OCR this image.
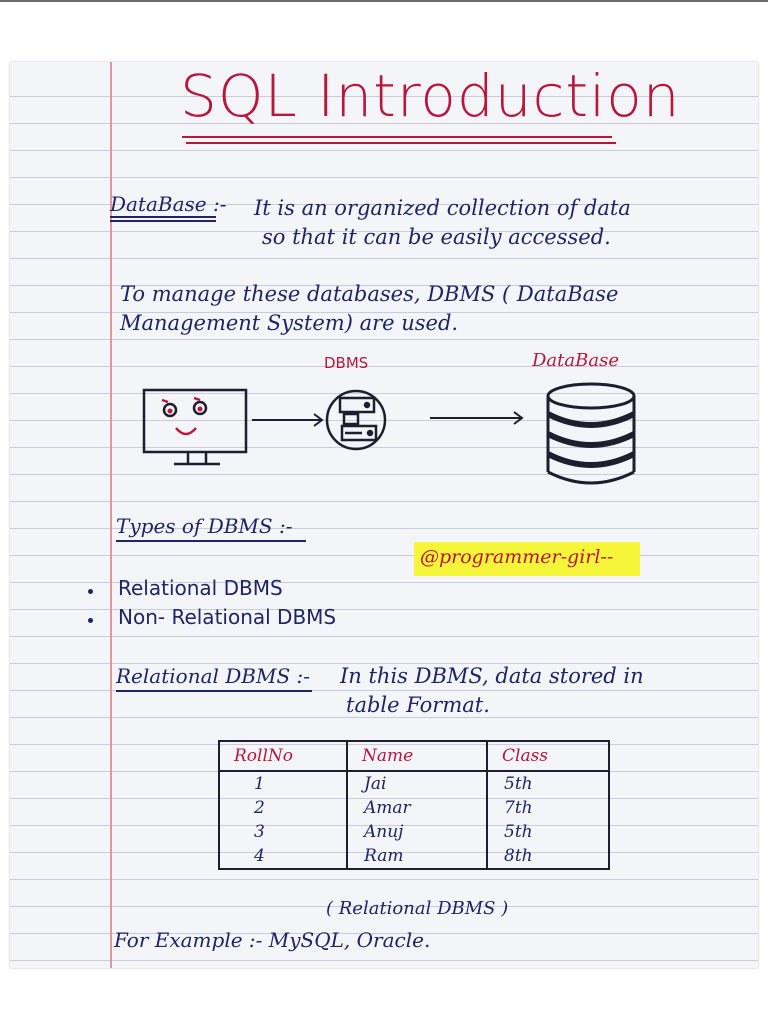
SQL Introduction
DataBase :- It is an organized collection of data
so that it can be easily accessed.
To manage these databases, DBMS ( DataBase
Management System) are used.
DBMS	DataBase
Types of DBMS :-
@programmer-girl--
Relational DBMS
Non- Relational DBMS
Relational DBMS :- In this DBMS, data stored in
table Format.
RollNo	Name	Class
1	Jai	5th
2	Amar	7th
3	Anuj	5th
4	Ram	8th
( Relational DBMS )
For Example :- MySQL, Oracle.
